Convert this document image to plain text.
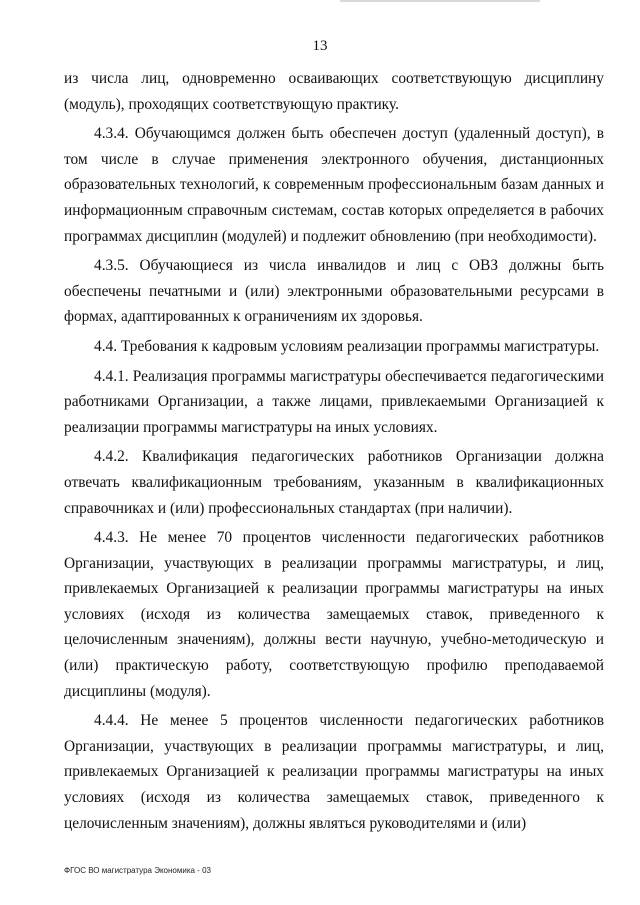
13

из числа лиц, одновременно осваивающих соответствующую дисциплину (модуль), проходящих соответствующую практику.

4.3.4. Обучающимся должен быть обеспечен доступ (удаленный доступ), в том числе в случае применения электронного обучения, дистанционных образовательных технологий, к современным профессиональным базам данных и информационным справочным системам, состав которых определяется в рабочих программах дисциплин (модулей) и подлежит обновлению (при необходимости).

4.3.5. Обучающиеся из числа инвалидов и лиц с ОВЗ должны быть обеспечены печатными и (или) электронными образовательными ресурсами в формах, адаптированных к ограничениям их здоровья.

4.4. Требования к кадровым условиям реализации программы магистратуры.

4.4.1. Реализация программы магистратуры обеспечивается педагогическими работниками Организации, а также лицами, привлекаемыми Организацией к реализации программы магистратуры на иных условиях.

4.4.2. Квалификация педагогических работников Организации должна отвечать квалификационным требованиям, указанным в квалификационных справочниках и (или) профессиональных стандартах (при наличии).

4.4.3. Не менее 70 процентов численности педагогических работников Организации, участвующих в реализации программы магистратуры, и лиц, привлекаемых Организацией к реализации программы магистратуры на иных условиях (исходя из количества замещаемых ставок, приведенного к целочисленным значениям), должны вести научную, учебно-методическую и (или) практическую работу, соответствующую профилю преподаваемой дисциплины (модуля).

4.4.4. Не менее 5 процентов численности педагогических работников Организации, участвующих в реализации программы магистратуры, и лиц, привлекаемых Организацией к реализации программы магистратуры на иных условиях (исходя из количества замещаемых ставок, приведенного к целочисленным значениям), должны являться руководителями и (или)

ФГОС ВО магистратура Экономика - 03
